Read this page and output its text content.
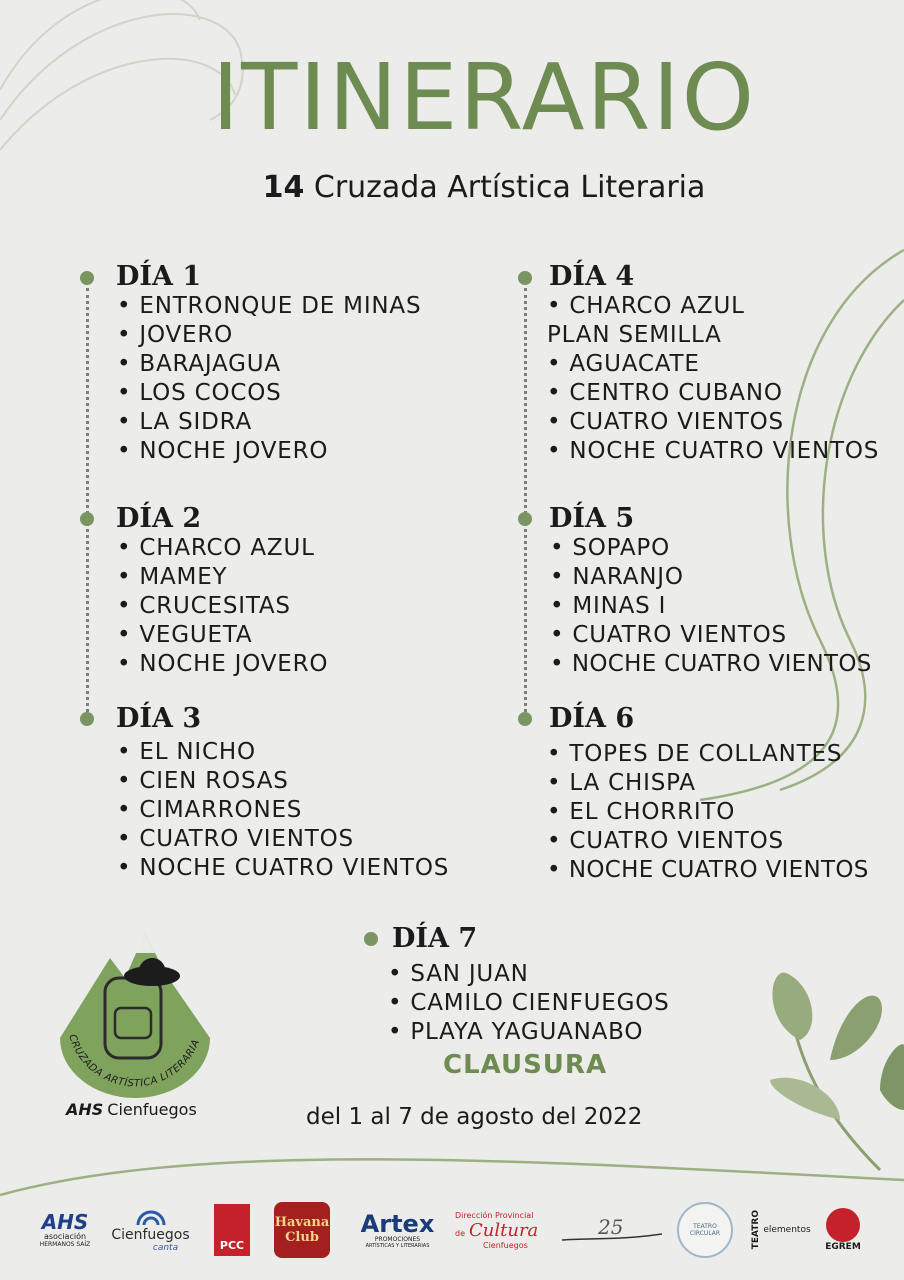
ITINERARIO
14 Cruzada Artística Literaria
DÍA 1
• ENTRONQUE DE MINAS
• JOVERO
• BARAJAGUA
• LOS COCOS
• LA SIDRA
• NOCHE JOVERO
DÍA 2
• CHARCO AZUL
• MAMEY
• CRUCESITAS
• VEGUETA
• NOCHE JOVERO
DÍA 3
• EL NICHO
• CIEN ROSAS
• CIMARRONES
• CUATRO VIENTOS
• NOCHE CUATRO VIENTOS
DÍA 4
• CHARCO AZUL
PLAN SEMILLA
• AGUACATE
• CENTRO CUBANO
• CUATRO VIENTOS
• NOCHE CUATRO VIENTOS
DÍA 5
• SOPAPO
• NARANJO
• MINAS I
• CUATRO VIENTOS
• NOCHE CUATRO VIENTOS
DÍA 6
• TOPES DE COLLANTES
• LA CHISPA
• EL CHORRITO
• CUATRO VIENTOS
• NOCHE CUATRO VIENTOS
DÍA 7
• SAN JUAN
• CAMILO CIENFUEGOS
• PLAYA YAGUANABO
CLAUSURA
del 1 al 7 de agosto del 2022
CRUZADA ARTÍSTICA LITERARIA
AHS Cienfuegos
AHS
asociación
HERMANOS SAÍZ
Cienfuegos
canta	PCC
Havana
Club	Artex
PROMOCIONES
ARTÍSTICAS Y LITERARIAS
Dirección Provincial
de Cultura
Cienfuegos
25	TEATRO CIRCULAR	TEATRO elementos
EGREM
